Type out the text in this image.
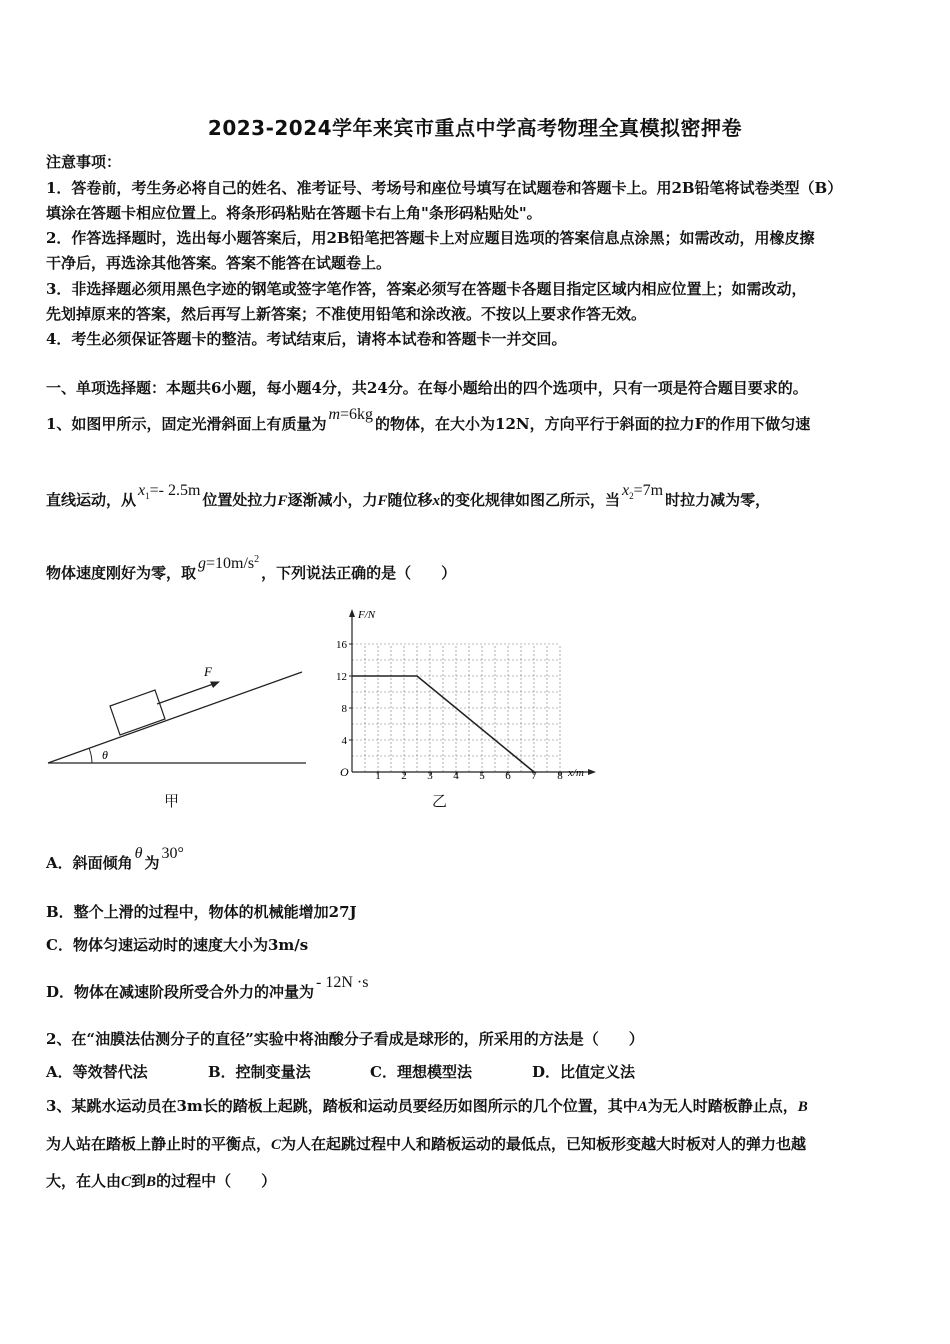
2023-2024学年来宾市重点中学高考物理全真模拟密押卷
注意事项：
1．答卷前，考生务必将自己的姓名、准考证号、考场号和座位号填写在试题卷和答题卡上。用2B铅笔将试卷类型（B）
填涂在答题卡相应位置上。将条形码粘贴在答题卡右上角"条形码粘贴处"。
2．作答选择题时，选出每小题答案后，用2B铅笔把答题卡上对应题目选项的答案信息点涂黑；如需改动，用橡皮擦
干净后，再选涂其他答案。答案不能答在试题卷上。
3．非选择题必须用黑色字迹的钢笔或签字笔作答，答案必须写在答题卡各题目指定区域内相应位置上；如需改动，
先划掉原来的答案，然后再写上新答案；不准使用铅笔和涂改液。不按以上要求作答无效。
4．考生必须保证答题卡的整洁。考试结束后，请将本试卷和答题卡一并交回。
一、单项选择题：本题共6小题，每小题4分，共24分。在每小题给出的四个选项中，只有一项是符合题目要求的。
1、如图甲所示，固定光滑斜面上有质量为m=6kg的物体，在大小为12N，方向平行于斜面的拉力F的作用下做匀速
直线运动，从$x_1=-$ 2.5m位置处拉力F逐渐减小，力F随位移x的变化规律如图乙所示，当$x_2=7m$时拉力减为零，
物体速度刚好为零，取$g=10m/s^2$，下列说法正确的是（　　）
F
θ
甲
F/N
x/m
O
4
8
12
16
1 2 3 4 5 6 7 8
乙
A．斜面倾角θ为30°
B．整个上滑的过程中，物体的机械能增加27J
C．物体匀速运动时的速度大小为3m/s
D．物体在减速阶段所受合外力的冲量为- 12N ·s
2、在“油膜法估测分子的直径”实验中将油酸分子看成是球形的，所采用的方法是（　　）
A．等效替代法	B．控制变量法	C．理想模型法	D．比值定义法
3、某跳水运动员在3m长的踏板上起跳，踏板和运动员要经历如图所示的几个位置，其中A为无人时踏板静止点，B
为人站在踏板上静止时的平衡点，C为人在起跳过程中人和踏板运动的最低点，已知板形变越大时板对人的弹力也越
大，在人由C到B的过程中（　　）
